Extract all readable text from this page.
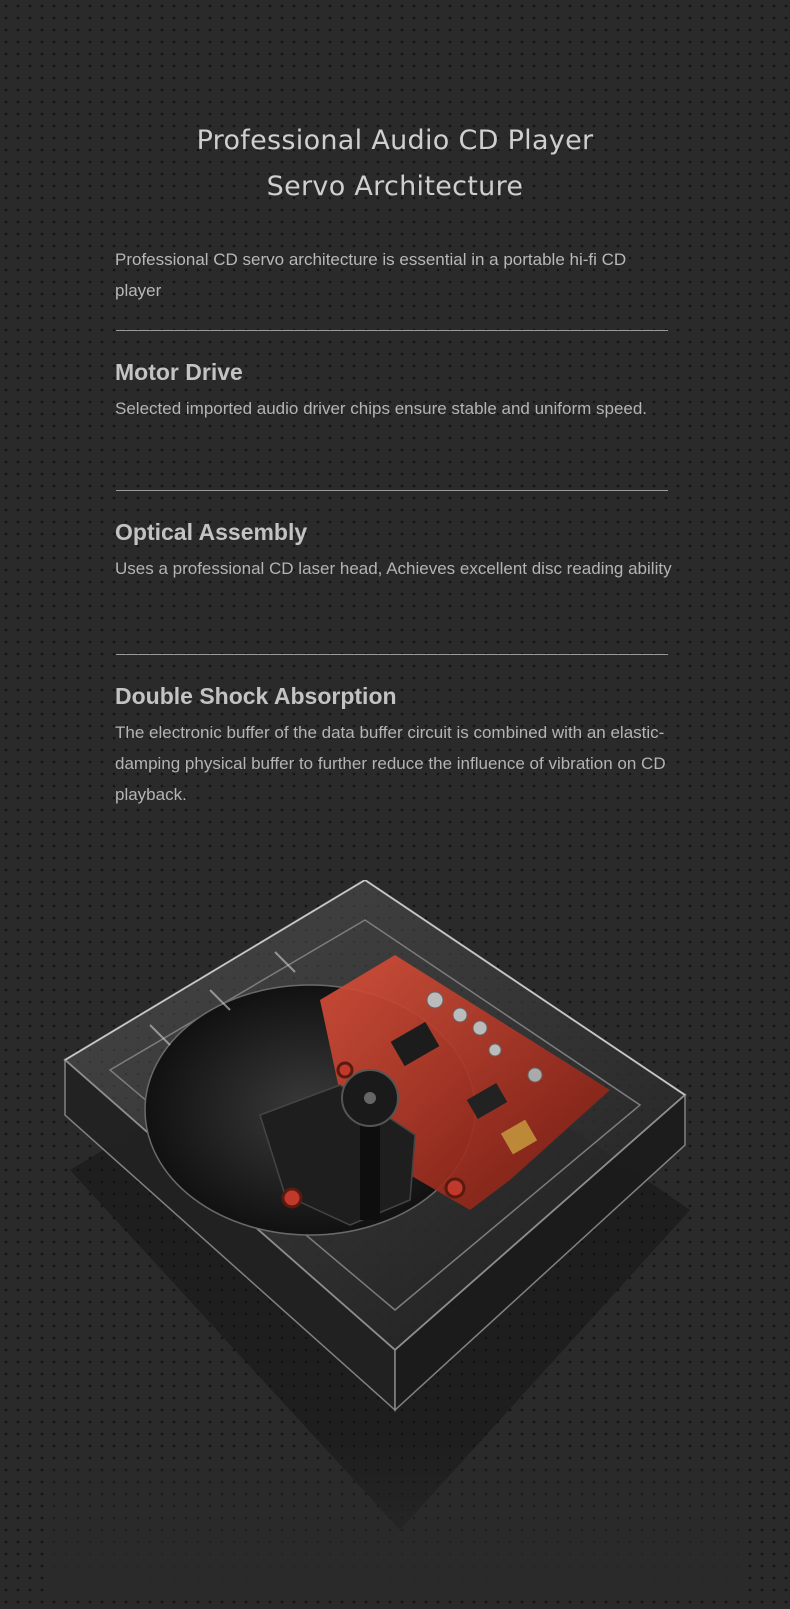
Professional Audio CD Player
Servo Architecture
Professional CD servo architecture is essential in a portable hi-fi CD player
Motor Drive

Selected imported audio driver chips ensure stable and uniform speed.

Optical Assembly

Uses a professional CD laser head, Achieves excellent disc reading ability

Double Shock Absorption

The electronic buffer of the data buffer circuit is combined with an elastic-damping physical buffer to further reduce the influence of vibration on CD playback.
